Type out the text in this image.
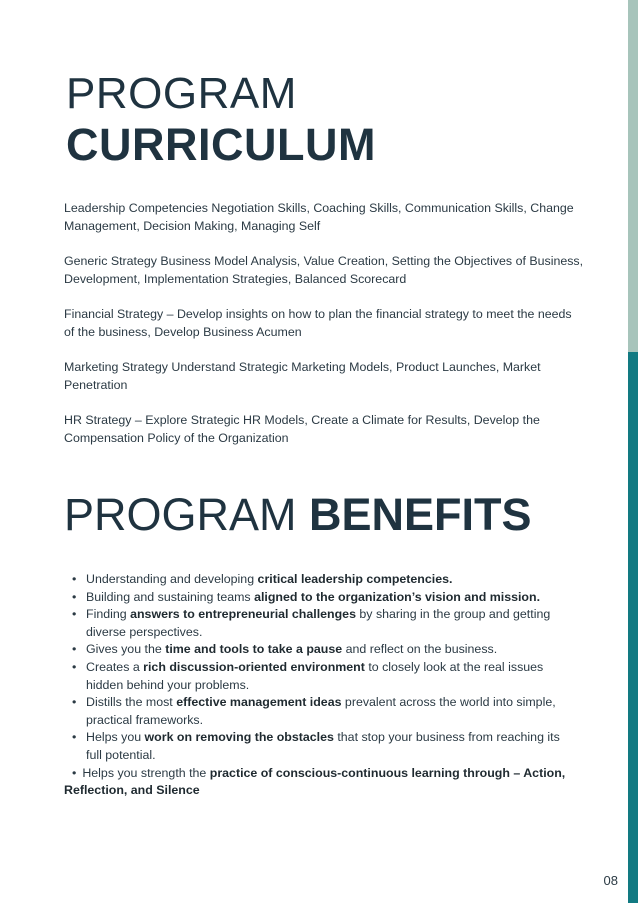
PROGRAM
CURRICULUM

Leadership Competencies Negotiation Skills, Coaching Skills, Communication Skills, Change Management, Decision Making, Managing Self

Generic Strategy Business Model Analysis, Value Creation, Setting the Objectives of Business, Development, Implementation Strategies, Balanced Scorecard

Financial Strategy – Develop insights on how to plan the financial strategy to meet the needs of the business, Develop Business Acumen

Marketing Strategy Understand Strategic Marketing Models, Product Launches, Market Penetration

HR Strategy – Explore Strategic HR Models, Create a Climate for Results, Develop the Compensation Policy of the Organization

PROGRAM BENEFITS
• Understanding and developing critical leadership competencies.
• Building and sustaining teams aligned to the organization’s vision and mission.
• Finding answers to entrepreneurial challenges by sharing in the group and getting diverse perspectives.
• Gives you the time and tools to take a pause and reflect on the business.
• Creates a rich discussion-oriented environment to closely look at the real issues hidden behind your problems.
• Distills the most effective management ideas prevalent across the world into simple, practical frameworks.
• Helps you work on removing the obstacles that stop your business from reaching its full potential.
• Helps you strength the practice of conscious-continuous learning through – Action, Reflection, and Silence
08
